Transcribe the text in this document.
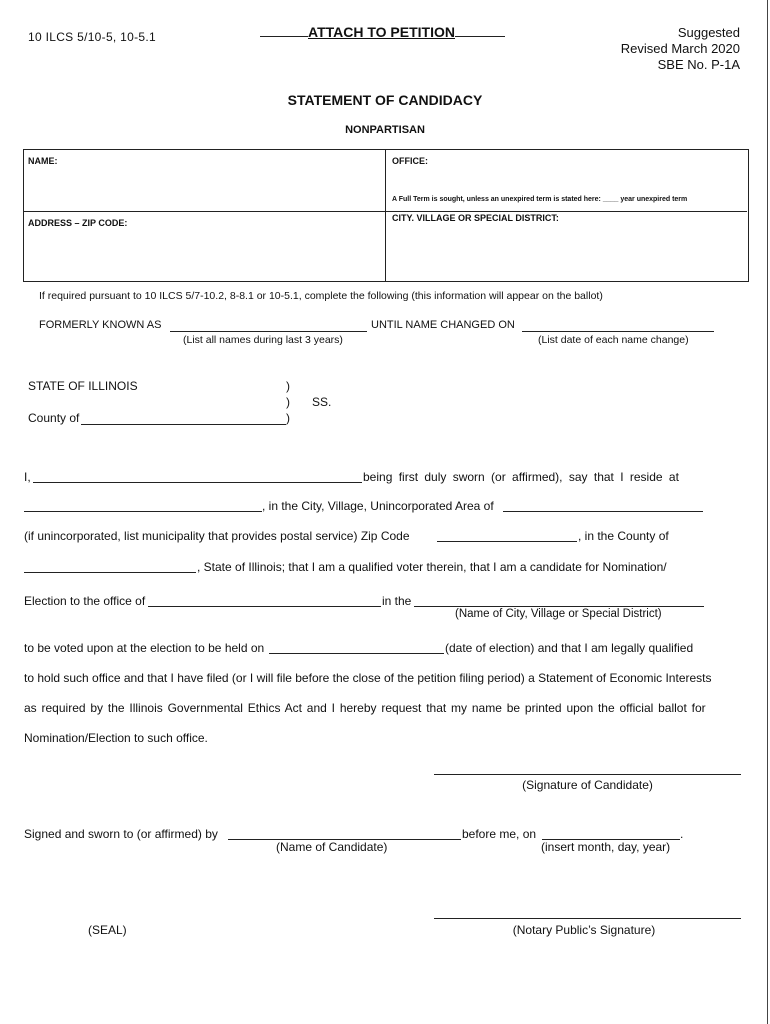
10 ILCS 5/10-5, 10-5.1	ATTACH TO PETITION	Suggested
Revised March 2020
SBE No. P-1A
STATEMENT OF CANDIDACY
NONPARTISAN
NAME:	OFFICE:
A Full Term is sought, unless an unexpired term is stated here: ____ year unexpired term
ADDRESS – ZIP CODE:	CITY. VILLAGE OR SPECIAL DISTRICT:
If required pursuant to 10 ILCS 5/7-10.2, 8-8.1 or 10-5.1, complete the following (this information will appear on the ballot)
FORMERLY KNOWN AS	UNTIL NAME CHANGED ON
(List all names during last 3 years)	(List date of each name change)
STATE OF ILLINOIS	)
) SS.
County of	)
I,	being first duly sworn (or affirmed), say that I reside at
, in the City, Village, Unincorporated Area of
(if unincorporated, list municipality that provides postal service) Zip Code	, in the County of
, State of Illinois; that I am a qualified voter therein, that I am a candidate for Nomination/
Election to the office of	in the
(Name of City, Village or Special District)
to be voted upon at the election to be held on	(date of election) and that I am legally qualified
to hold such office and that I have filed (or I will file before the close of the petition filing period) a Statement of Economic Interests
as required by the Illinois Governmental Ethics Act and I hereby request that my name be printed upon the official ballot for
Nomination/Election to such office.
(Signature of Candidate)
Signed and sworn to (or affirmed) by	before me, on	.
(Name of Candidate)	(insert month, day, year)
(SEAL)	(Notary Public’s Signature)
